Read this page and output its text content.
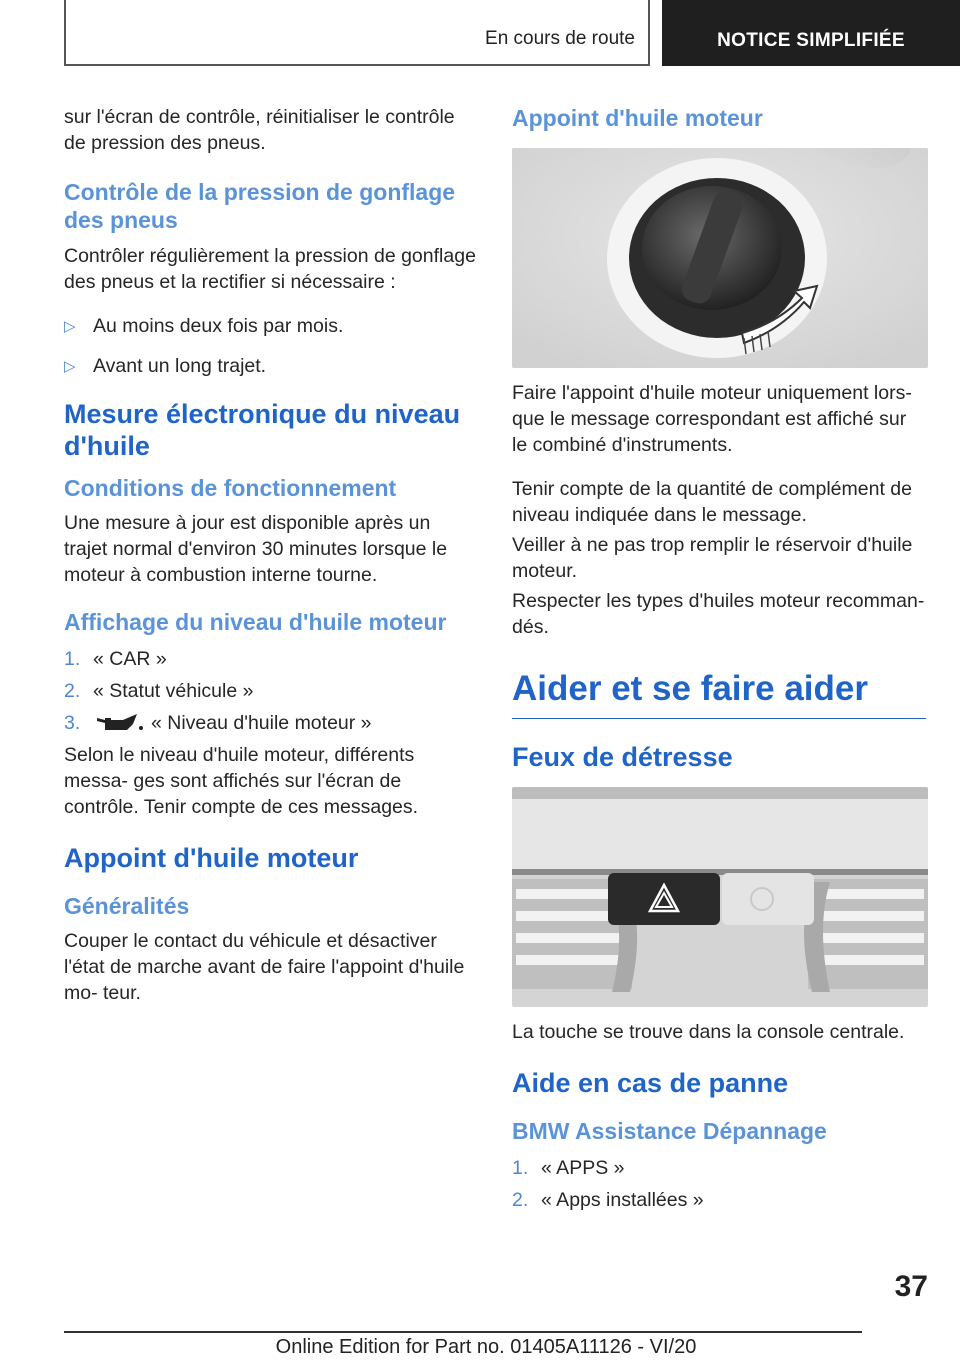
En cours de route	NOTICE SIMPLIFIÉE

sur l'écran de contrôle, réinitialiser le contrôle de pression des pneus.

Contrôle de la pression de gonflage des pneus

Contrôler régulièrement la pression de gonflage des pneus et la rectifier si nécessaire :

▷ Au moins deux fois par mois.
▷ Avant un long trajet.
Mesure électronique du niveau d'huile
Conditions de fonctionnement

Une mesure à jour est disponible après un trajet normal d'environ 30 minutes lorsque le moteur à combustion interne tourne.

Affichage du niveau d'huile moteur
1. « CAR »
2. « Statut véhicule »
3.	« Niveau d'huile moteur »

Selon le niveau d'huile moteur, différents messa‐ ges sont affichés sur l'écran de contrôle. Tenir compte de ces messages.

Appoint d'huile moteur
Généralités

Couper le contact du véhicule et désactiver l'état de marche avant de faire l'appoint d'huile mo‐ teur.

Appoint d'huile moteur

Faire l'appoint d'huile moteur uniquement lors‐ que le message correspondant est affiché sur le combiné d'instruments.

Tenir compte de la quantité de complément de niveau indiquée dans le message.

Veiller à ne pas trop remplir le réservoir d'huile moteur.

Respecter les types d'huiles moteur recomman‐ dés.

Aider et se faire aider
Feux de détresse

La touche se trouve dans la console centrale.

Aide en cas de panne
BMW Assistance Dépannage
1. « APPS »
2. « Apps installées »
37
Online Edition for Part no. 01405A11126 - VI/20
